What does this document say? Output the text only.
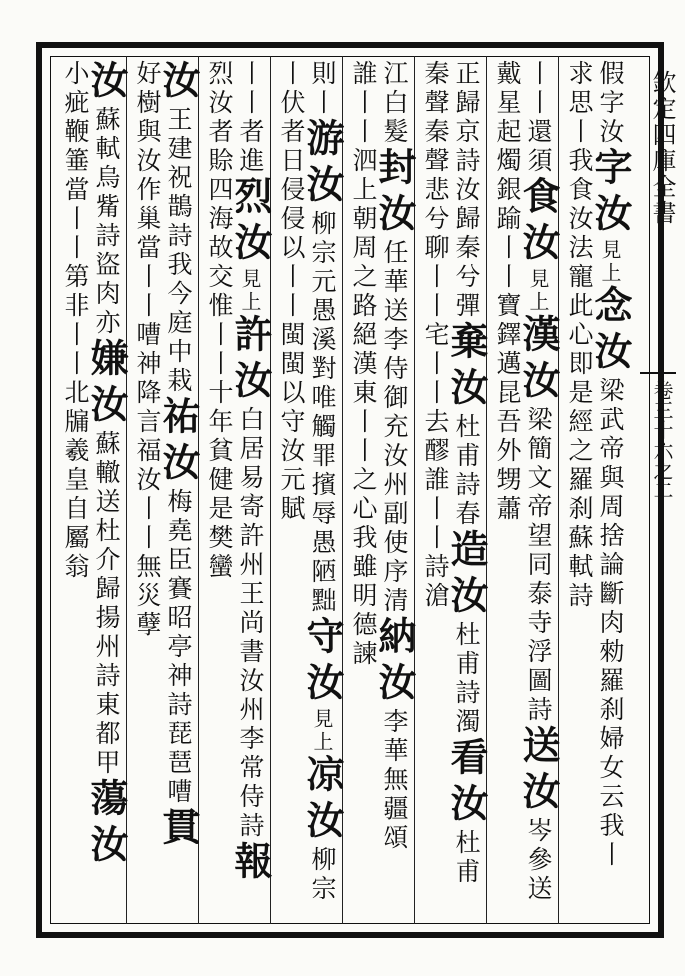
欽定四庫全書
卷三十六之二
假字汝字汝見上念汝梁武帝與周捨論斷肉勑羅刹婦女云我丨
求思丨我食汝法寵此心即是經之羅刹蘇軾詩
丨丨還須食汝見上漢汝梁簡文帝望同泰寺浮圖詩送汝岑參送
戴星起燭銀踰丨丨寶鐸邁昆吾外甥蕭
正歸京詩汝歸秦兮彈棄汝杜甫詩春造汝杜甫詩濁看汝杜甫
秦聲秦聲悲兮聊丨丨宅丨丨去醪誰丨丨詩滄
江白髮封汝任華送李侍御充汝州副使序清納汝李華無疆頌
誰丨丨泗上朝周之路絕漢東丨丨之心我雖明德諫
則丨游汝柳宗元愚溪對唯觸罪擯辱愚陋黜守汝見上凉汝柳宗
丨伏者日侵侵以丨丨閩閩以守汝元賦
丨丨者進烈汝見上許汝白居易寄許州王尚書汝州李常侍詩報
烈汝者賒四海故交惟丨丨十年貧健是樊蠻
汝王建祝鵲詩我今庭中栽祐汝梅堯臣賽昭亭神詩琵琶嘈貫
好樹與汝作巢當丨丨嘈神降言福汝丨丨無災孽
汝蘇軾烏觜詩盜肉亦嫌汝蘇轍送杜介歸揚州詩東都甲蕩汝
小疵鞭箠當丨丨第非丨丨北牖羲皇自屬翁
